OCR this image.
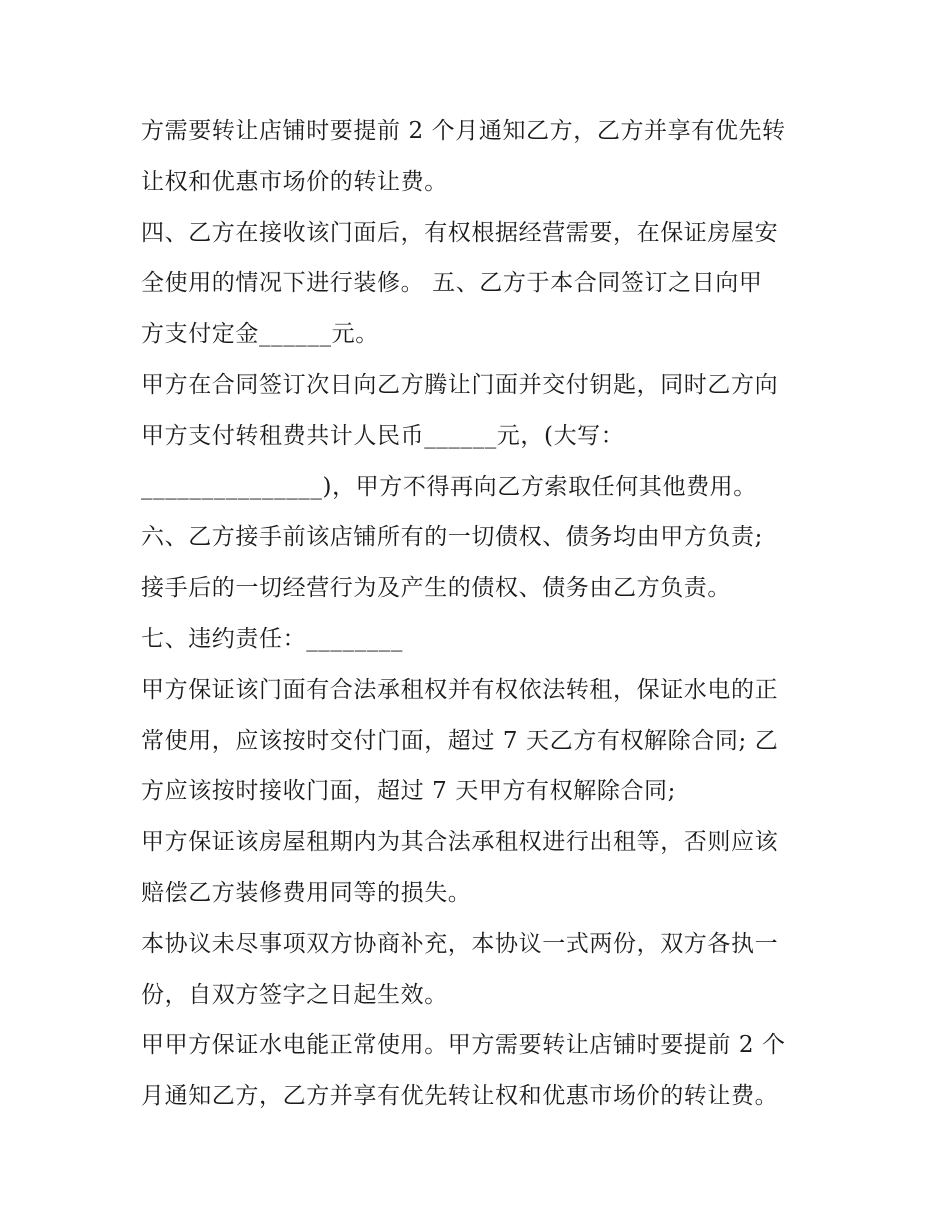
方需要转让店铺时要提前 2 个月通知乙方，乙方并享有优先转
让权和优惠市场价的转让费。
四、乙方在接收该门面后，有权根据经营需要，在保证房屋安
全使用的情况下进行装修。 五、乙方于本合同签订之日向甲
方支付定金______元。
甲方在合同签订次日向乙方腾让门面并交付钥匙，同时乙方向
甲方支付转租费共计人民币______元，(大写：
_______________)，甲方不得再向乙方索取任何其他费用。
六、乙方接手前该店铺所有的一切债权、债务均由甲方负责;
接手后的一切经营行为及产生的债权、债务由乙方负责。
七、违约责任：________
甲方保证该门面有合法承租权并有权依法转租，保证水电的正
常使用，应该按时交付门面，超过 7 天乙方有权解除合同; 乙
方应该按时接收门面，超过 7 天甲方有权解除合同;
甲方保证该房屋租期内为其合法承租权进行出租等，否则应该
赔偿乙方装修费用同等的损失。
本协议未尽事项双方协商补充，本协议一式两份，双方各执一
份，自双方签字之日起生效。
甲甲方保证水电能正常使用。甲方需要转让店铺时要提前 2 个
月通知乙方，乙方并享有优先转让权和优惠市场价的转让费。
